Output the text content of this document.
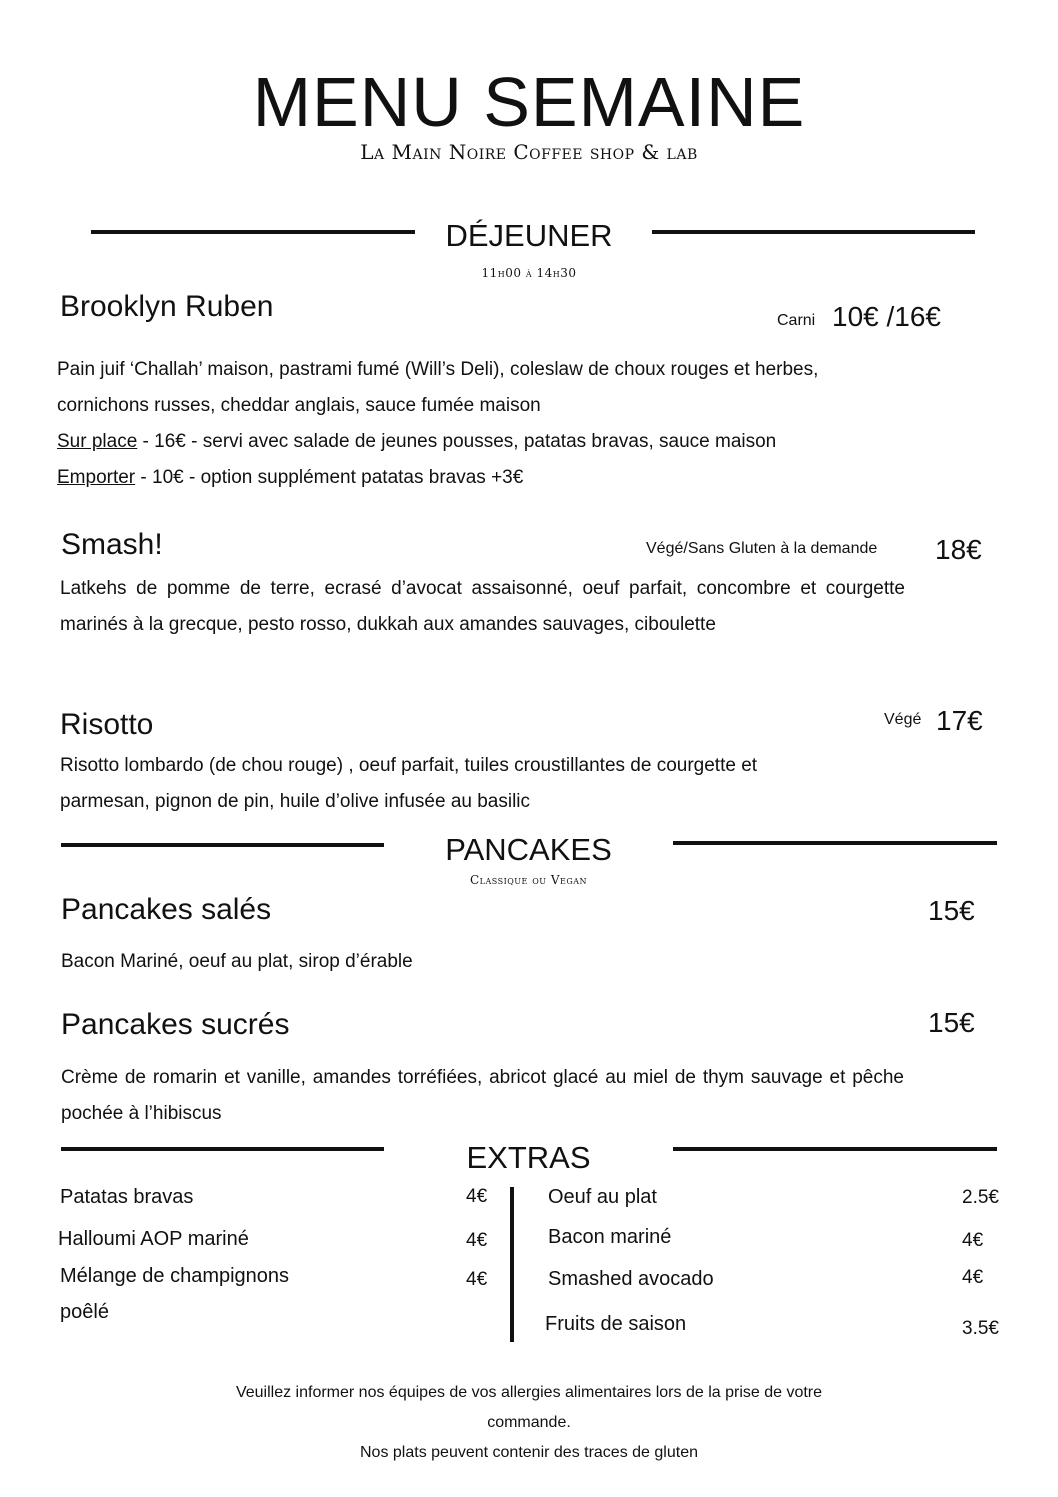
MENU SEMAINE
La Main Noire Coffee shop & lab
DÉJEUNER
11h00 à 14h30
Brooklyn Ruben	Carni 10€ /16€
Pain juif ‘Challah’ maison, pastrami fumé (Will’s Deli), coleslaw de choux rouges et herbes,
cornichons russes, cheddar anglais, sauce fumée maison
Sur place - 16€ - servi avec salade de jeunes pousses, patatas bravas, sauce maison
Emporter - 10€ - option supplément patatas bravas +3€
Smash!	Végé/Sans Gluten à la demande 18€
Latkehs de pomme de terre, ecrasé d’avocat assaisonné, oeuf parfait, concombre et courgette marinés à la grecque, pesto rosso, dukkah aux amandes sauvages, ciboulette
Risotto	Végé 17€
Risotto lombardo (de chou rouge) , oeuf parfait, tuiles croustillantes de courgette et
parmesan, pignon de pin, huile d’olive infusée au basilic
PANCAKES
Classique ou Vegan
Pancakes salés	15€
Bacon Mariné, oeuf au plat, sirop d’érable
Pancakes sucrés	15€
Crème de romarin et vanille, amandes torréfiées, abricot glacé au miel de thym sauvage et pêche pochée à l’hibiscus
EXTRAS
Patatas bravas	4€
Halloumi AOP mariné	4€
Mélange de champignons
poêlé
4€
Oeuf au plat	2.5€
Bacon mariné	4€
Smashed avocado	4€
Fruits de saison	3.5€
Veuillez informer nos équipes de vos allergies alimentaires lors de la prise de votre
commande.
Nos plats peuvent contenir des traces de gluten
